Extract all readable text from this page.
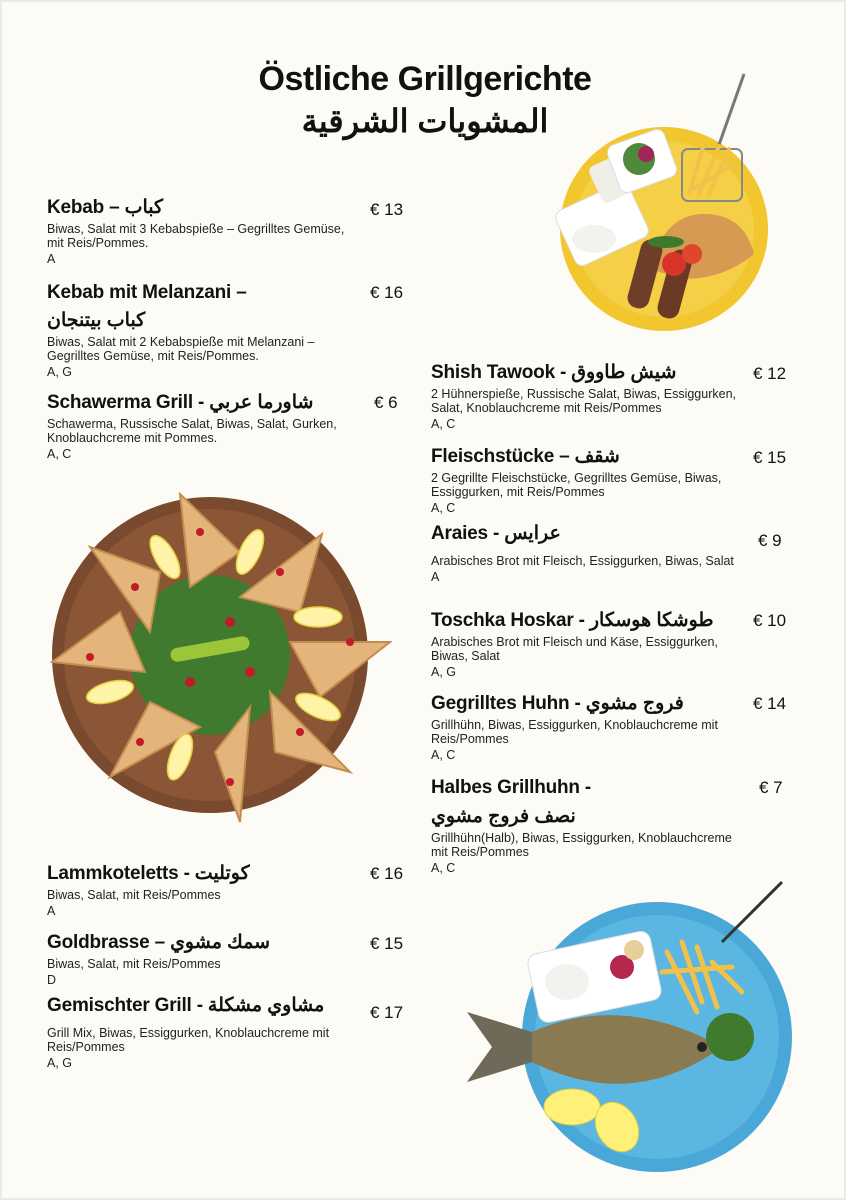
Östliche Grillgerichte
المشويات الشرقية
Kebab – كباب
Biwas, Salat mit 3 Kebabspieße – Gegrilltes Gemüse, mit Reis/Pommes.
A
€ 13
Kebab mit Melanzani –
كباب بيتنجان
Biwas, Salat mit 2 Kebabspieße mit Melanzani – Gegrilltes Gemüse, mit Reis/Pommes.
A, G
€ 16
Schawerma Grill - شاورما عربي
Schawerma, Russische Salat, Biwas, Salat, Gurken, Knoblauchcreme mit Pommes.
A, C
€ 6
Lammkoteletts - كوتليت
Biwas, Salat, mit Reis/Pommes
A
€ 16
Goldbrasse – سمك مشوي
Biwas, Salat, mit Reis/Pommes
D
€ 15
Gemischter Grill - مشاوي مشكلة
Grill Mix, Biwas, Essiggurken, Knoblauchcreme mit Reis/Pommes
A, G
€ 17
Shish Tawook - شيش طاووق
2 Hühnerspieße, Russische Salat, Biwas, Essiggurken, Salat, Knoblauchcreme mit Reis/Pommes
A, C
€ 12
Fleischstücke – شقف
2 Gegrillte Fleischstücke, Gegrilltes Gemüse, Biwas, Essiggurken, mit Reis/Pommes
A, C
€ 15
Araies - عرايس
Arabisches Brot mit Fleisch, Essiggurken, Biwas, Salat
A
€ 9
Toschka Hoskar - طوشكا هوسكار
Arabisches Brot mit Fleisch und Käse, Essiggurken, Biwas, Salat
A, G
€ 10
Gegrilltes Huhn - فروج مشوي
Grillhühn, Biwas, Essiggurken, Knoblauchcreme mit Reis/Pommes
A, C
€ 14
Halbes Grillhuhn -
نصف فروج مشوي
Grillhühn(Halb), Biwas, Essiggurken, Knoblauchcreme mit Reis/Pommes
A, C
€ 7
